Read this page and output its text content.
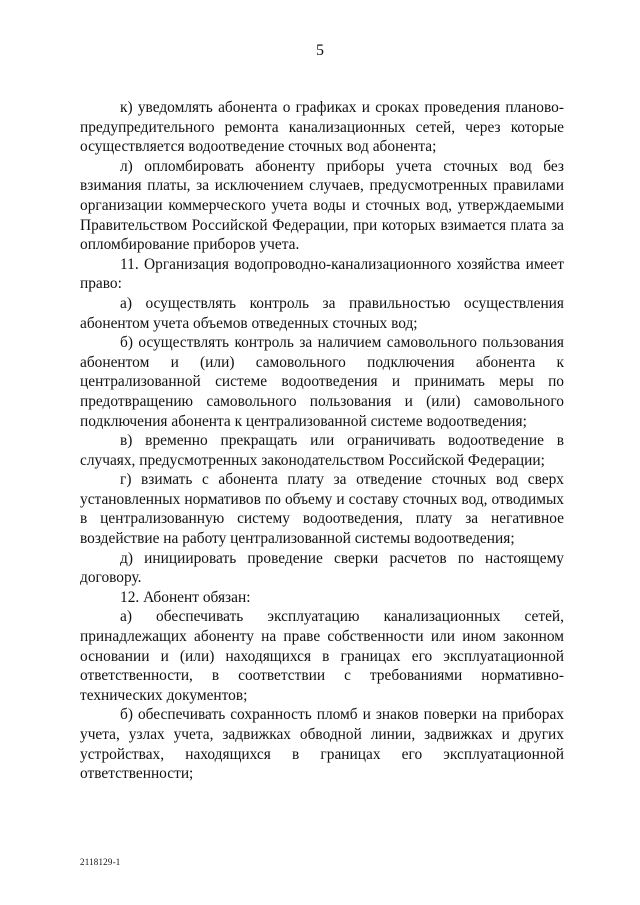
5

к) уведомлять абонента о графиках и сроках проведения планово-предупредительного ремонта канализационных сетей, через которые осуществляется водоотведение сточных вод абонента;

л) опломбировать абоненту приборы учета сточных вод без взимания платы, за исключением случаев, предусмотренных правилами организации коммерческого учета воды и сточных вод, утверждаемыми Правительством Российской Федерации, при которых взимается плата за опломбирование приборов учета.

11. Организация водопроводно-канализационного хозяйства имеет право:

а) осуществлять контроль за правильностью осуществления абонентом учета объемов отведенных сточных вод;

б) осуществлять контроль за наличием самовольного пользования абонентом и (или) самовольного подключения абонента к централизованной системе водоотведения и принимать меры по предотвращению самовольного пользования и (или) самовольного подключения абонента к централизованной системе водоотведения;

в) временно прекращать или ограничивать водоотведение в случаях, предусмотренных законодательством Российской Федерации;

г) взимать с абонента плату за отведение сточных вод сверх установленных нормативов по объему и составу сточных вод, отводимых в централизованную систему водоотведения, плату за негативное воздействие на работу централизованной системы водоотведения;

д) инициировать проведение сверки расчетов по настоящему договору.

12. Абонент обязан:

а) обеспечивать эксплуатацию канализационных сетей, принадлежащих абоненту на праве собственности или ином законном основании и (или) находящихся в границах его эксплуатационной ответственности, в соответствии с требованиями нормативно-технических документов;

б) обеспечивать сохранность пломб и знаков поверки на приборах учета, узлах учета, задвижках обводной линии, задвижках и других устройствах, находящихся в границах его эксплуатационной ответственности;

2118129-1
